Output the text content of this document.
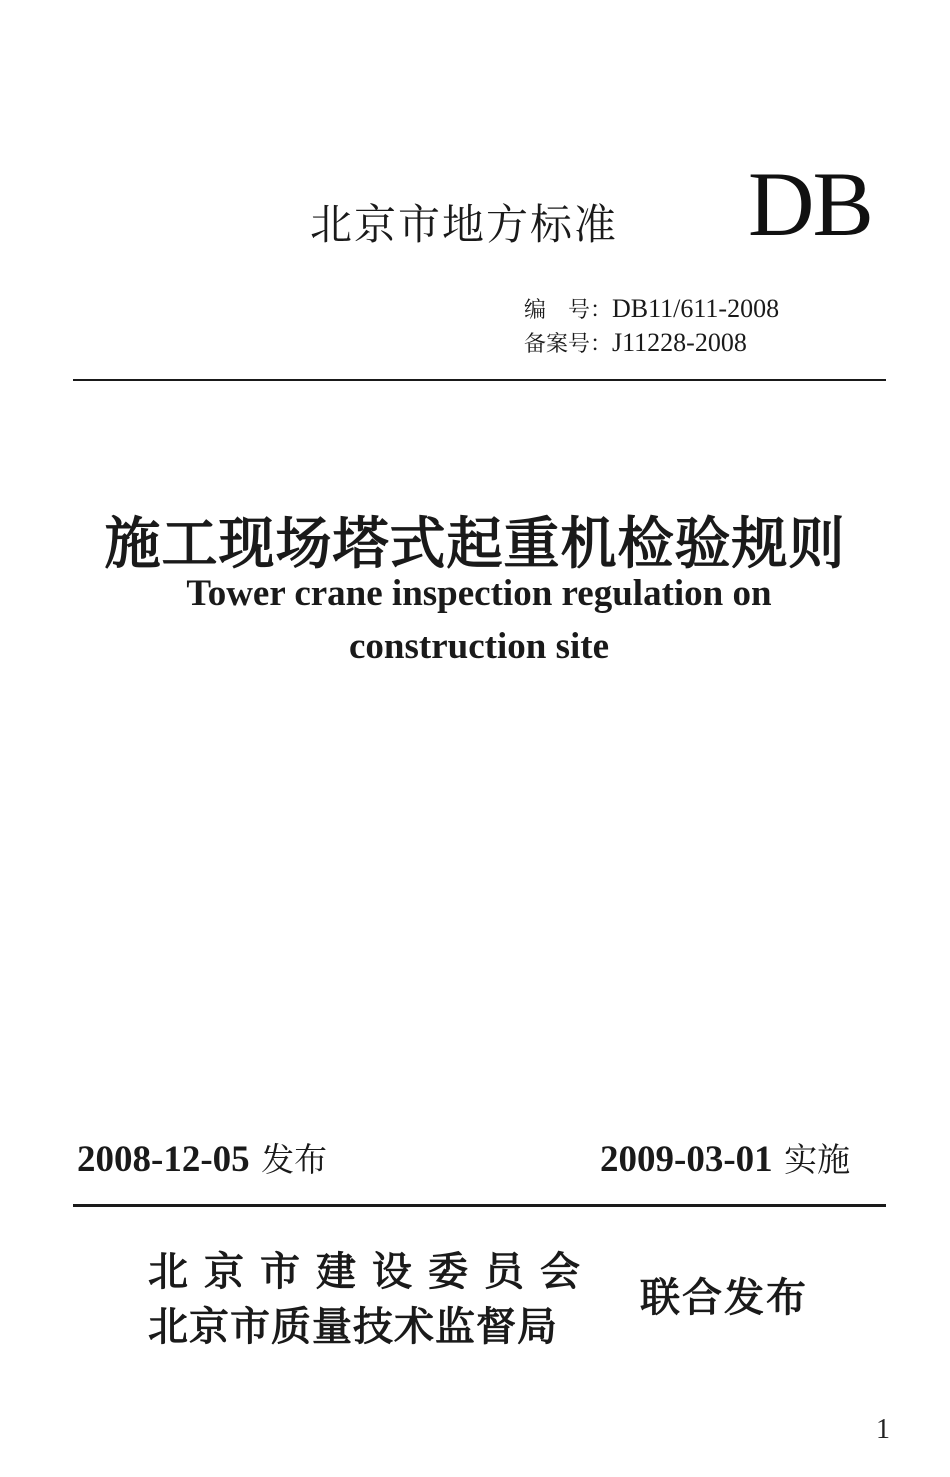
北京市地方标准 DB
编　号：DB11/611-2008
备案号：J11228-2008
施工现场塔式起重机检验规则
Tower crane inspection regulation on
construction site
2008-12-05 发布	2009-03-01 实施
北京市建设委员会
北京市质量技术监督局
联合发布
1
